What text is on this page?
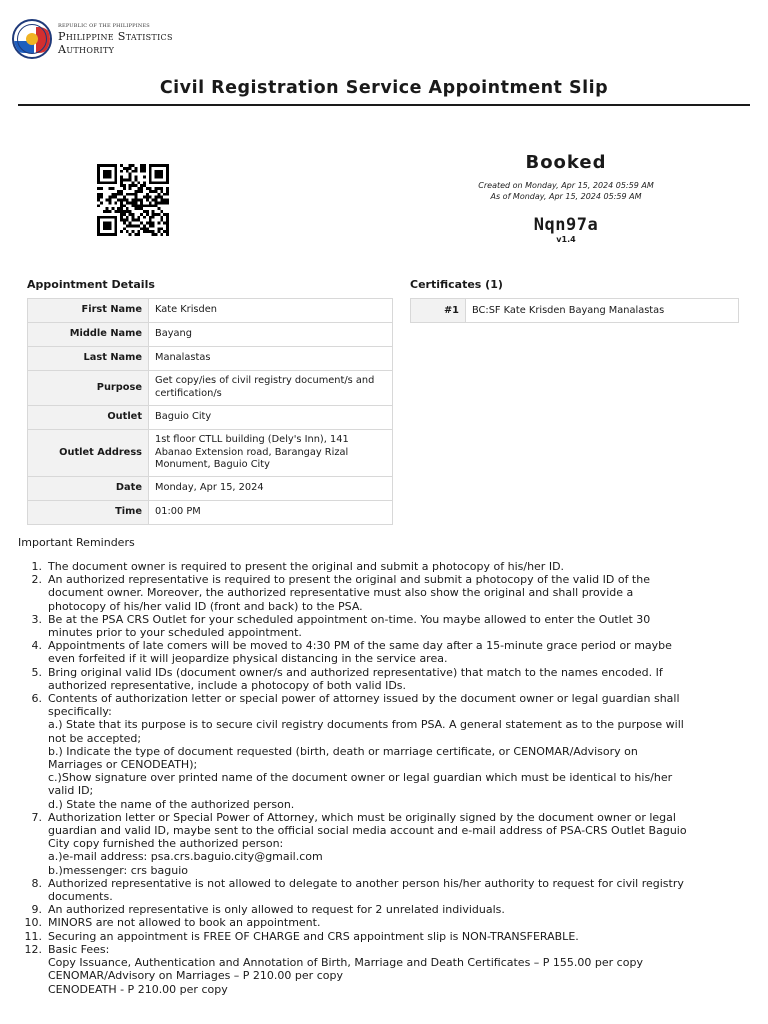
REPUBLIC OF THE PHILIPPINES
Philippine Statistics Authority
Civil Registration Service Appointment Slip
Booked
Created on Monday, Apr 15, 2024 05:59 AM
As of Monday, Apr 15, 2024 05:59 AM
Nqn97a
v1.4
Appointment Details	Certificates (1)
First Name	Kate Krisden
Middle Name	Bayang
Last Name	Manalastas
Purpose	Get copy/ies of civil registry document/s and certification/s
Outlet	Baguio City
Outlet Address	1st floor CTLL building (Dely's Inn), 141 Abanao Extension road, Barangay Rizal Monument, Baguio City
Date	Monday, Apr 15, 2024
Time	01:00 PM
#1	BC:SF Kate Krisden Bayang Manalastas
Important Reminders
1. The document owner is required to present the original and submit a photocopy of his/her ID.
2. An authorized representative is required to present the original and submit a photocopy of the valid ID of the
document owner. Moreover, the authorized representative must also show the original and shall provide a
photocopy of his/her valid ID (front and back) to the PSA.
3. Be at the PSA CRS Outlet for your scheduled appointment on-time. You maybe allowed to enter the Outlet 30
minutes prior to your scheduled appointment.
4. Appointments of late comers will be moved to 4:30 PM of the same day after a 15-minute grace period or maybe
even forfeited if it will jeopardize physical distancing in the service area.
5. Bring original valid IDs (document owner/s and authorized representative) that match to the names encoded. If
authorized representative, include a photocopy of both valid IDs.
6. Contents of authorization letter or special power of attorney issued by the document owner or legal guardian shall
specifically:
a.) State that its purpose is to secure civil registry documents from PSA. A general statement as to the purpose will
not be accepted;
b.) Indicate the type of document requested (birth, death or marriage certificate, or CENOMAR/Advisory on
Marriages or CENODEATH);
c.)Show signature over printed name of the document owner or legal guardian which must be identical to his/her
valid ID;
d.) State the name of the authorized person.
7. Authorization letter or Special Power of Attorney, which must be originally signed by the document owner or legal
guardian and valid ID, maybe sent to the official social media account and e-mail address of PSA-CRS Outlet Baguio
City copy furnished the authorized person:
a.)e-mail address: psa.crs.baguio.city@gmail.com
b.)messenger: crs baguio
8. Authorized representative is not allowed to delegate to another person his/her authority to request for civil registry
documents.
9. An authorized representative is only allowed to request for 2 unrelated individuals.
10. MINORS are not allowed to book an appointment.
11. Securing an appointment is FREE OF CHARGE and CRS appointment slip is NON-TRANSFERABLE.
12. Basic Fees:
Copy Issuance, Authentication and Annotation of Birth, Marriage and Death Certificates – P 155.00 per copy
CENOMAR/Advisory on Marriages – P 210.00 per copy
CENODEATH - P 210.00 per copy
